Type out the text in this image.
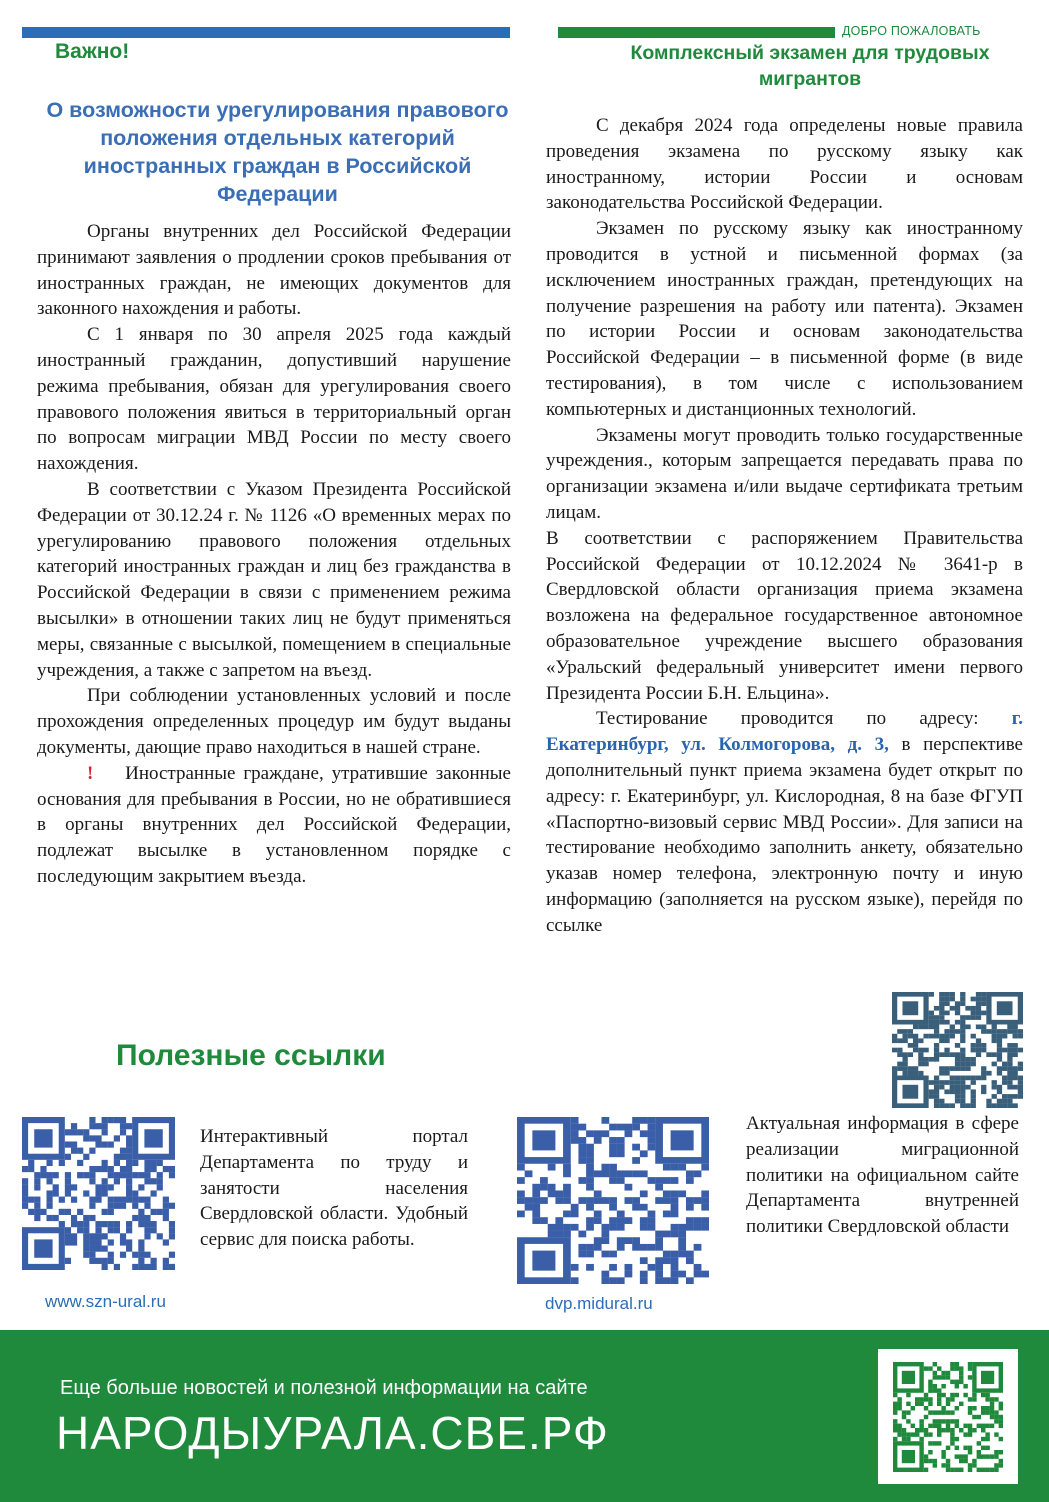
ДОБРО ПОЖАЛОВАТЬ
Важно!	Комплексный экзамен для трудовых мигрантов
О возможности урегулирования правового положения отдельных категорий иностранных граждан в Российской Федерации

Органы внутренних дел Российской Федерации принимают заявления о продлении сроков пребывания от иностранных граждан, не имеющих документов для законного нахождения и работы.

С 1 января по 30 апреля 2025 года каждый иностранный гражданин, допустивший нарушение режима пребывания, обязан для урегулирования своего правового положения явиться в территориальный орган по вопросам миграции МВД России по месту своего нахождения.

В соответствии с Указом Президента Российской Федерации от 30.12.24 г. № 1126 «О временных мерах по урегулированию правового положения отдельных категорий иностранных граждан и лиц без гражданства в Российской Федерации в связи с применением режима высылки» в отношении таких лиц не будут применяться меры, связанные с высылкой, помещением в специальные учреждения, а также с запретом на въезд.

При соблюдении установленных условий и после прохождения определенных процедур им будут выданы документы, дающие право находиться в нашей стране.

! Иностранные граждане, утратившие законные основания для пребывания в России, но не обратившиеся в органы внутренних дел Российской Федерации, подлежат высылке в установленном порядке с последующим закрытием въезда.

С декабря 2024 года определены новые правила проведения экзамена по русскому языку как иностранному, истории России и основам законодательства Российской Федерации.

Экзамен по русскому языку как иностранному проводится в устной и письменной формах (за исключением иностранных граждан, претендующих на получение разрешения на работу или патента). Экзамен по истории России и основам законодательства Российской Федерации – в письменной форме (в виде тестирования), в том числе с использованием компьютерных и дистанционных технологий.

Экзамены могут проводить только государственные учреждения., которым запрещается передавать права по организации экзамена и/или выдаче сертификата третьим лицам.

В соответствии с распоряжением Правительства Российской Федерации от 10.12.2024 № 3641-р в Свердловской области организация приема экзамена возложена на федеральное государственное автономное образовательное учреждение высшего образования «Уральский федеральный университет имени первого Президента России Б.Н. Ельцина».

Тестирование проводится по адресу: г. Екатеринбург, ул. Колмогорова, д. 3, в перспективе дополнительный пункт приема экзамена будет открыт по адресу: г. Екатеринбург, ул. Кислородная, 8 на базе ФГУП «Паспортно-визовый сервис МВД России». Для записи на тестирование необходимо заполнить анкету, обязательно указав номер телефона, электронную почту и иную информацию (заполняется на русском языке), перейдя по ссылке

Полезные ссылки
Интерактивный портал Департамента по труду и занятости населения Свердловской области. Удобный сервис для поиска работы.
www.szn-ural.ru
Актуальная информация в сфере реализации миграционной политики на официальном сайте Департамента внутренней политики Свердловской области
dvp.midural.ru
Еще больше новостей и полезной информации на сайте
НАРОДЫУРАЛА.СВЕ.РФ
